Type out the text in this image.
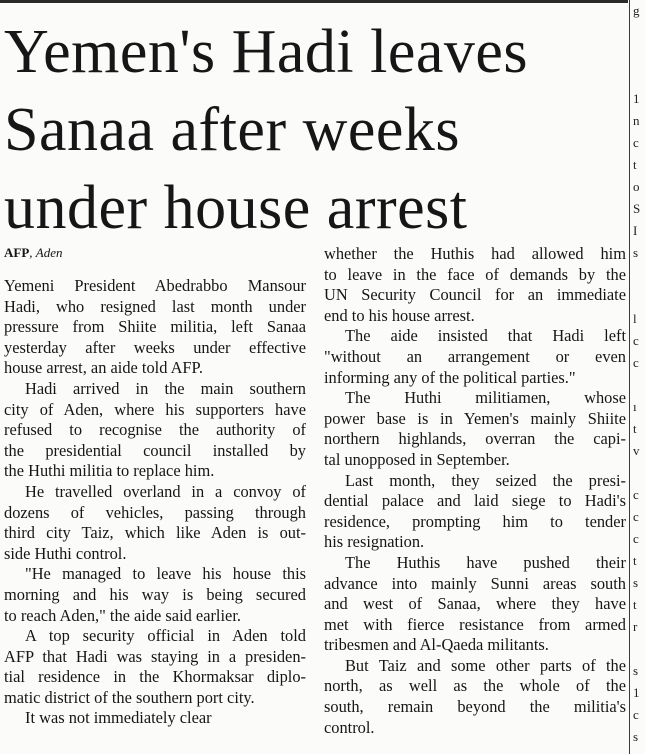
g

1
n
c
t
o
S
I
s

l
c
c

ı
t
v

c
c
c
t
s
t
r

s
1
c
s
Yemen's Hadi leaves
Sanaa after weeks
under house arrest
AFP, Aden

Yemeni President Abedrabbo Mansour

Hadi, who resigned last month under

pressure from Shiite militia, left Sanaa

yesterday after weeks under effective

house arrest, an aide told AFP.

Hadi arrived in the main southern

city of Aden, where his supporters have

refused to recognise the authority of

the presidential council installed by

the Huthi militia to replace him.

He travelled overland in a convoy of

dozens of vehicles, passing through

third city Taiz, which like Aden is out-

side Huthi control.

"He managed to leave his house this

morning and his way is being secured

to reach Aden," the aide said earlier.

A top security official in Aden told

AFP that Hadi was staying in a presiden-

tial residence in the Khormaksar diplo-

matic district of the southern port city.

It was not immediately clear

whether the Huthis had allowed him

to leave in the face of demands by the

UN Security Council for an immediate

end to his house arrest.

The aide insisted that Hadi left

"without an arrangement or even

informing any of the political parties."

The Huthi militiamen, whose

power base is in Yemen's mainly Shiite

northern highlands, overran the capi-

tal unopposed in September.

Last month, they seized the presi-

dential palace and laid siege to Hadi's

residence, prompting him to tender

his resignation.

The Huthis have pushed their

advance into mainly Sunni areas south

and west of Sanaa, where they have

met with fierce resistance from armed

tribesmen and Al-Qaeda militants.

But Taiz and some other parts of the

north, as well as the whole of the

south, remain beyond the militia's

control.
